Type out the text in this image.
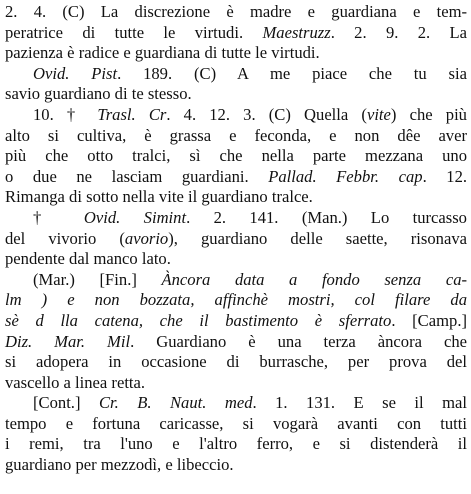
2. 4. (C) La discrezione è madre e guardiana e tem-
peratrice di tutte le virtudi. Maestruzz. 2. 9. 2. La
pazienza è radice e guardiana di tutte le virtudi.
Ovid. Pist. 189. (C) A me piace che tu sia
savio guardiano di te stesso.
10. † Trasl. Cr. 4. 12. 3. (C) Quella (vite) che più
alto si cultiva, è grassa e feconda, e non dêe aver
più che otto tralci, sì che nella parte mezzana uno
o due ne lasciam guardiani. Pallad. Febbr. cap. 12.
Rimanga di sotto nella vite il guardiano tralce.
† Ovid. Simint. 2. 141. (Man.) Lo turcasso
del vivorio (avorio), guardiano delle saette, risonava
pendente dal manco lato.
(Mar.) [Fin.] Àncora data a fondo senza ca-
lm ) e non bozzata, affinchè mostri, col filare da
sè d lla catena, che il bastimento è sferrato. [Camp.]
Diz. Mar. Mil. Guardiano è una terza àncora che
si adopera in occasione di burrasche, per prova del
vascello a linea retta.
[Cont.] Cr. B. Naut. med. 1. 131. E se il mal
tempo e fortuna caricasse, si vogarà avanti con tutti
i remi, tra l'uno e l'altro ferro, e si distenderà il
guardiano per mezzodì, e libeccio.
